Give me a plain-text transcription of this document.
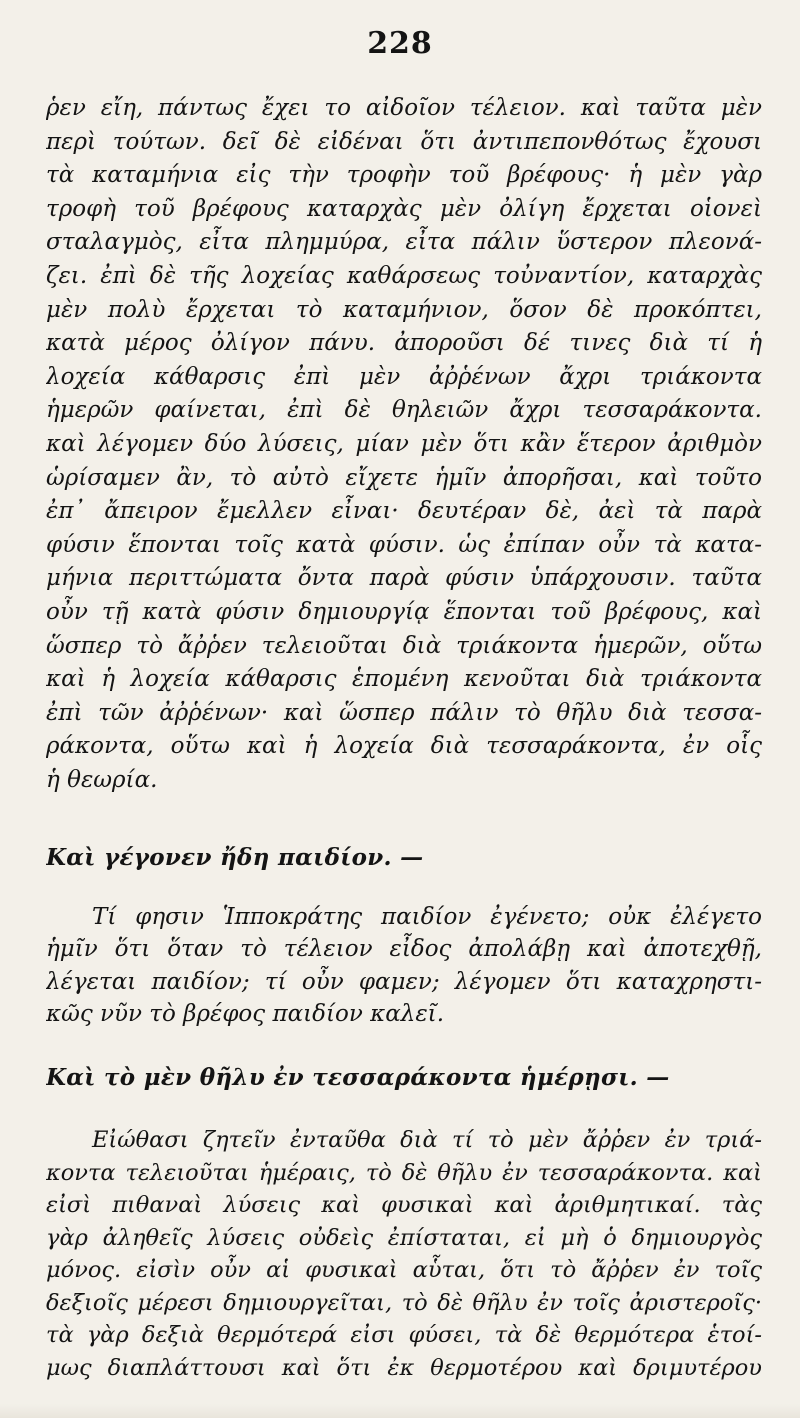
228
ῥεν εἴη, πάντως ἔχει το αἰδοῖον τέλειον. καὶ ταῦτα μὲν
περὶ τούτων. δεῖ δὲ εἰδέναι ὅτι ἀντιπεπονθότως ἔχουσι
τὰ καταμήνια εἰς τὴν τροφὴν τοῦ βρέφους· ἡ μὲν γὰρ
τροφὴ τοῦ βρέφους καταρχὰς μὲν ὀλίγη ἔρχεται οἱονεὶ
σταλαγμὸς, εἶτα πλημμύρα, εἶτα πάλιν ὕστερον πλεονά-
ζει. ἐπὶ δὲ τῆς λοχείας καθάρσεως τοὐναντίον, καταρχὰς
μὲν πολὺ ἔρχεται τὸ καταμήνιον, ὅσον δὲ προκόπτει,
κατὰ μέρος ὀλίγον πάνυ. ἀποροῦσι δέ τινες διὰ τί ἡ
λοχεία κάθαρσις ἐπὶ μὲν ἀῤῥένων ἄχρι τριάκοντα
ἡμερῶν φαίνεται, ἐπὶ δὲ θηλειῶν ἄχρι τεσσαράκοντα.
καὶ λέγομεν δύο λύσεις, μίαν μὲν ὅτι κἂν ἕτερον ἀριθμὸν
ὡρίσαμεν ἂν, τὸ αὐτὸ εἴχετε ἡμῖν ἀπορῆσαι, καὶ τοῦτο
ἐπ᾽ ἄπειρον ἔμελλεν εἶναι· δευτέραν δὲ, ἀεὶ τὰ παρὰ
φύσιν ἕπονται τοῖς κατὰ φύσιν. ὡς ἐπίπαν οὖν τὰ κατα-
μήνια περιττώματα ὄντα παρὰ φύσιν ὑπάρχουσιν. ταῦτα
οὖν τῇ κατὰ φύσιν δημιουργίᾳ ἕπονται τοῦ βρέφους, καὶ
ὥσπερ τὸ ἄῤῥεν τελειοῦται διὰ τριάκοντα ἡμερῶν, οὕτω
καὶ ἡ λοχεία κάθαρσις ἑπομένη κενοῦται διὰ τριάκοντα
ἐπὶ τῶν ἀῤῥένων· καὶ ὥσπερ πάλιν τὸ θῆλυ διὰ τεσσα-
ράκοντα, οὕτω καὶ ἡ λοχεία διὰ τεσσαράκοντα, ἐν οἷς
ἡ θεωρία.
Καὶ γέγονεν ἤδη παιδίον. —
Τί φησιν Ἱπποκράτης παιδίον ἐγένετο; οὐκ ἐλέγετο
ἡμῖν ὅτι ὅταν τὸ τέλειον εἶδος ἀπολάβῃ καὶ ἀποτεχθῇ,
λέγεται παιδίον; τί οὖν φαμεν; λέγομεν ὅτι καταχρηστι-
κῶς νῦν τὸ βρέφος παιδίον καλεῖ.
Καὶ τὸ μὲν θῆλυ ἐν τεσσαράκοντα ἡμέρῃσι. —
Εἰώθασι ζητεῖν ἐνταῦθα διὰ τί τὸ μὲν ἄῤῥεν ἐν τριά-
κοντα τελειοῦται ἡμέραις, τὸ δὲ θῆλυ ἐν τεσσαράκοντα. καὶ
εἰσὶ πιθαναὶ λύσεις καὶ φυσικαὶ καὶ ἀριθμητικαί. τὰς
γὰρ ἀληθεῖς λύσεις οὐδεὶς ἐπίσταται, εἰ μὴ ὁ δημιουργὸς
μόνος. εἰσὶν οὖν αἱ φυσικαὶ αὗται, ὅτι τὸ ἄῤῥεν ἐν τοῖς
δεξιοῖς μέρεσι δημιουργεῖται, τὸ δὲ θῆλυ ἐν τοῖς ἀριστεροῖς·
τὰ γὰρ δεξιὰ θερμότερά εἰσι φύσει, τὰ δὲ θερμότερα ἑτοί-
μως διαπλάττουσι καὶ ὅτι ἐκ θερμοτέρου καὶ δριμυτέρου
